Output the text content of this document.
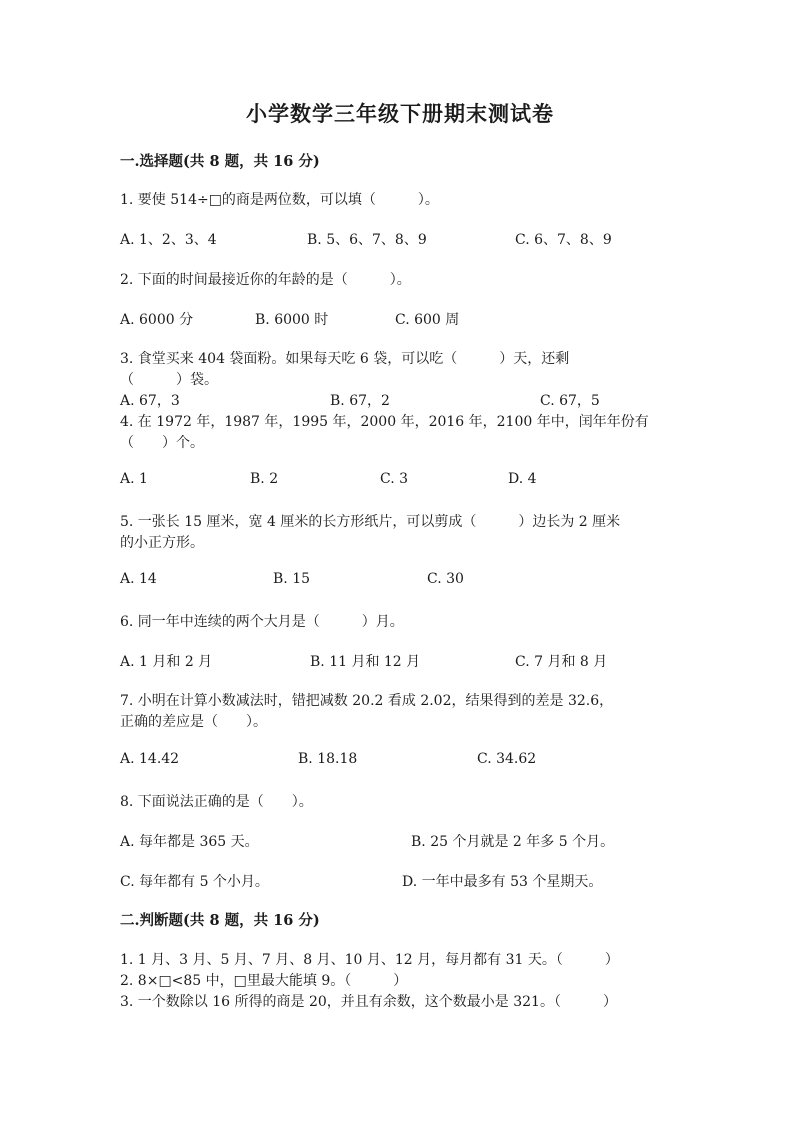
小学数学三年级下册期末测试卷
一.选择题(共 8 题，共 16 分)
1. 要使 514÷□的商是两位数，可以填（　　　）。
A. 1、2、3、4	B. 5、6、7、8、9	C. 6、7、8、9
2. 下面的时间最接近你的年龄的是（　　　）。
A. 6000 分	B. 6000 时	C. 600 周
3. 食堂买来 404 袋面粉。如果每天吃 6 袋，可以吃（　　　）天，还剩
（　　　）袋。
A. 67，3	B. 67，2	C. 67，5
4. 在 1972 年，1987 年，1995 年，2000 年，2016 年，2100 年中，闰年年份有
（　　）个。
A. 1	B. 2	C. 3	D. 4
5. 一张长 15 厘米，宽 4 厘米的长方形纸片，可以剪成（　　　）边长为 2 厘米
的小正方形。
A. 14	B. 15	C. 30
6. 同一年中连续的两个大月是（　　　）月。
A. 1 月和 2 月	B. 11 月和 12 月	C. 7 月和 8 月
7. 小明在计算小数减法时，错把减数 20.2 看成 2.02，结果得到的差是 32.6，
正确的差应是（　　）。
A. 14.42	B. 18.18	C. 34.62
8. 下面说法正确的是（　　）。
A. 每年都是 365 天。	B. 25 个月就是 2 年多 5 个月。
C. 每年都有 5 个小月。	D. 一年中最多有 53 个星期天。
二.判断题(共 8 题，共 16 分)
1. 1 月、3 月、5 月、7 月、8 月、10 月、12 月，每月都有 31 天。（　　　）
2. 8×□<85 中，□里最大能填 9。（　　　）
3. 一个数除以 16 所得的商是 20，并且有余数，这个数最小是 321。（　　　）
